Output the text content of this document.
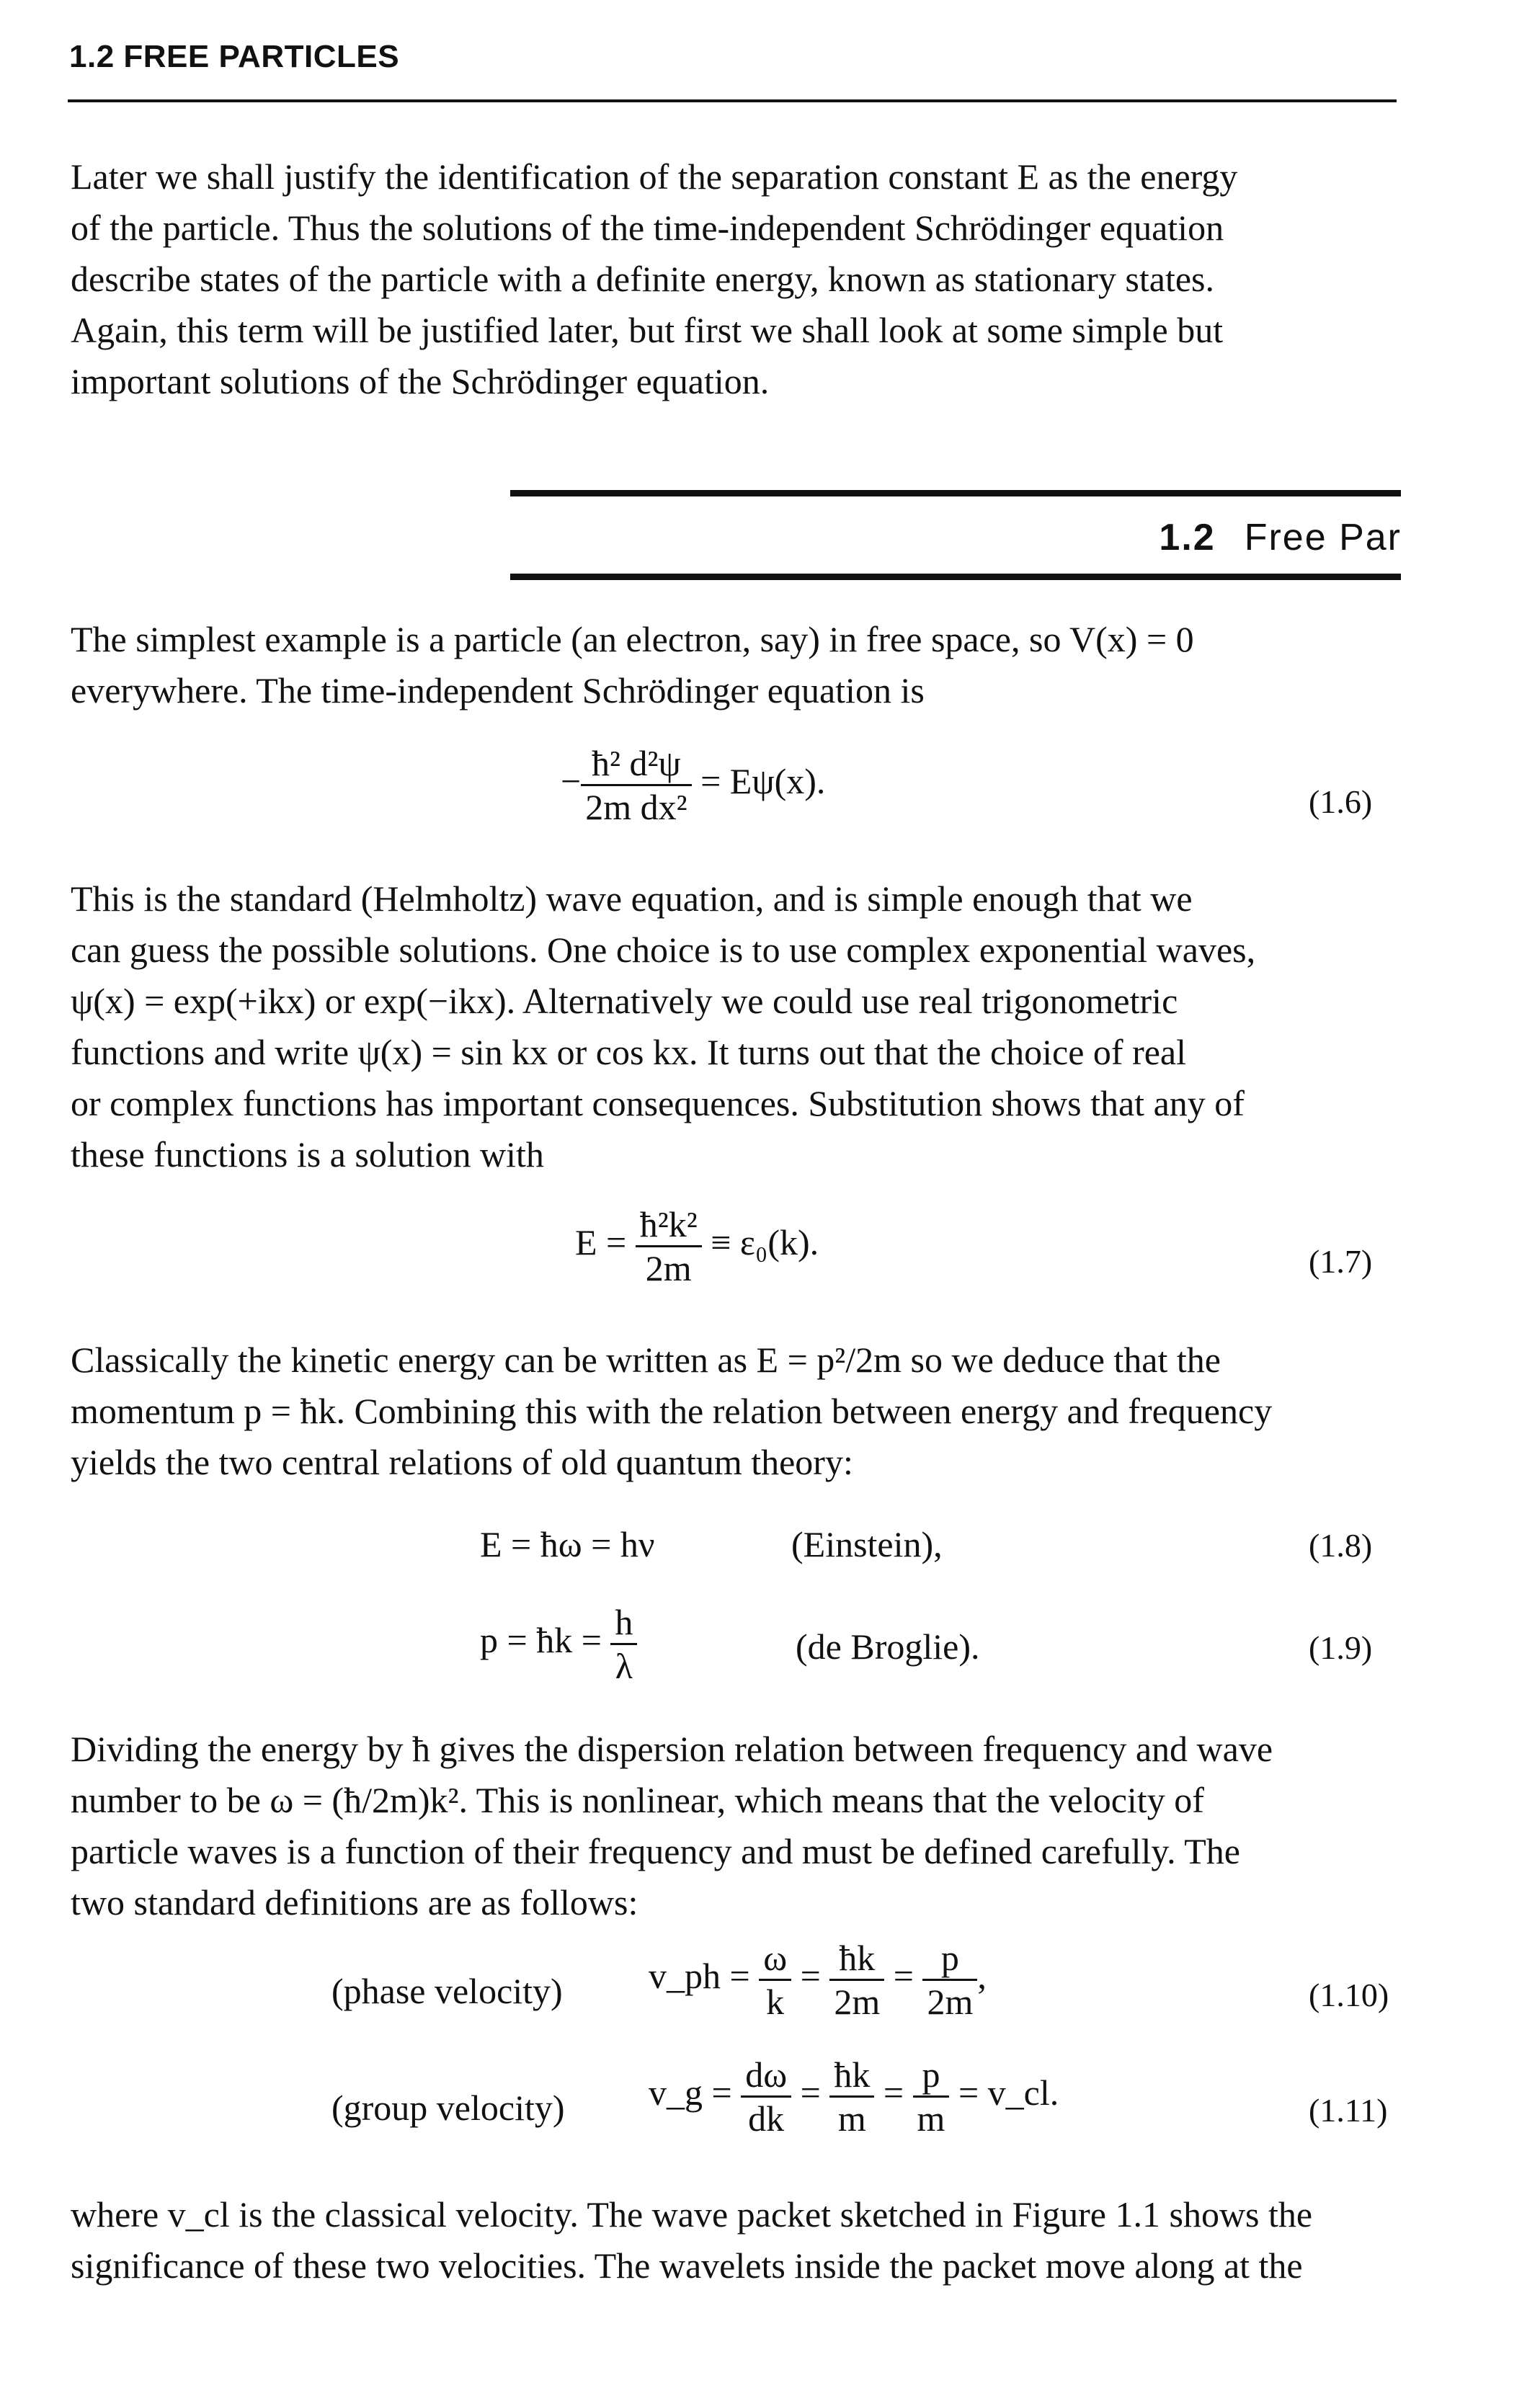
1.2 FREE PARTICLES
Later we shall justify the identification of the separation constant E as the energy
of the particle. Thus the solutions of the time-independent Schrödinger equation
describe states of the particle with a definite energy, known as stationary states.
Again, this term will be justified later, but first we shall look at some simple but
important solutions of the Schrödinger equation.
1.2 Free Par
The simplest example is a particle (an electron, say) in free space, so V(x) = 0
everywhere. The time-independent Schrödinger equation is
− $\frac{\text{ħ² d²ψ}}{\text{2m dx²}} = E\psi(x)$.
(1.6)
This is the standard (Helmholtz) wave equation, and is simple enough that we
can guess the possible solutions. One choice is to use complex exponential waves,
ψ(x) = exp(+ikx) or exp(−ikx). Alternatively we could use real trigonometric
functions and write ψ(x) = sin kx or cos kx. It turns out that the choice of real
or complex functions has important consequences. Substitution shows that any of
these functions is a solution with
$E = \frac{\text{ħ²k²}}{2m} \equiv \varepsilon_0(k)$.	(1.7)
Classically the kinetic energy can be written as E = p²/2m so we deduce that the
momentum p = ħk. Combining this with the relation between energy and frequency
yields the two central relations of old quantum theory:
E = ħω = hν	(Einstein),	(1.8)
p = ħk = $\frac{h}{\lambda}$	(de Broglie).	(1.9)
Dividing the energy by ħ gives the dispersion relation between frequency and wave
number to be ω = (ħ/2m)k². This is nonlinear, which means that the velocity of
particle waves is a function of their frequency and must be defined carefully. The
two standard definitions are as follows:
(phase velocity) v_ph = $\frac{\omega}{k} = \frac{ħk}{2m} = \frac{p}{2m}$ ,	(1.10)
(group velocity) v_g = $\frac{d\omega}{dk} = \frac{ħk}{m} = \frac{p}{m}$ = v_cl.	(1.11)
where v_cl is the classical velocity. The wave packet sketched in Figure 1.1 shows the
significance of these two velocities. The wavelets inside the packet move along at the
